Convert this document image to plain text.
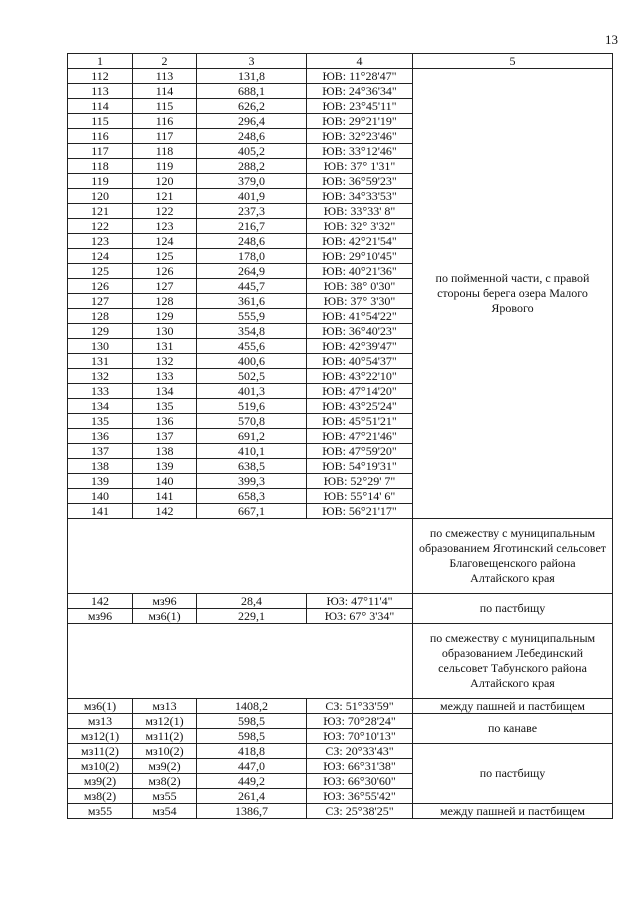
13
1	2	3	4	5
112	113	131,8	ЮВ: 11°28'47"	по пойменной части, с правой стороны берега озера Малого Ярового
113	114	688,1	ЮВ: 24°36'34"	
114	115	626,2	ЮВ: 23°45'11"	
115	116	296,4	ЮВ: 29°21'19"	
116	117	248,6	ЮВ: 32°23'46"	
117	118	405,2	ЮВ: 33°12'46"	
118	119	288,2	ЮВ: 37° 1'31"	
119	120	379,0	ЮВ: 36°59'23"	
120	121	401,9	ЮВ: 34°33'53"	
121	122	237,3	ЮВ: 33°33' 8"	
122	123	216,7	ЮВ: 32° 3'32"	
123	124	248,6	ЮВ: 42°21'54"	
124	125	178,0	ЮВ: 29°10'45"	
125	126	264,9	ЮВ: 40°21'36"	
126	127	445,7	ЮВ: 38° 0'30"	
127	128	361,6	ЮВ: 37° 3'30"	
128	129	555,9	ЮВ: 41°54'22"	
129	130	354,8	ЮВ: 36°40'23"	
130	131	455,6	ЮВ: 42°39'47"	
131	132	400,6	ЮВ: 40°54'37"	
132	133	502,5	ЮВ: 43°22'10"	
133	134	401,3	ЮВ: 47°14'20"	
134	135	519,6	ЮВ: 43°25'24"	
135	136	570,8	ЮВ: 45°51'21"	
136	137	691,2	ЮВ: 47°21'46"	
137	138	410,1	ЮВ: 47°59'20"	
138	139	638,5	ЮВ: 54°19'31"	
139	140	399,3	ЮВ: 52°29' 7"	
140	141	658,3	ЮВ: 55°14' 6"	
141	142	667,1	ЮВ: 56°21'17"	
				по смежеству с муниципальным образованием Яготинский сельсовет Благовещенского района Алтайского края
142	мз96	28,4	ЮЗ: 47°11'4"	по пастбищу
мз96	мз6(1)	229,1	ЮЗ: 67° 3'34"	
				по смежеству с муниципальным образованием Лебединский сельсовет Табунского района Алтайского края
мз6(1)	мз13	1408,2	СЗ: 51°33'59"	между пашней и пастбищем
мз13	мз12(1)	598,5	ЮЗ: 70°28'24"	по канаве
мз12(1)	мз11(2)	598,5	ЮЗ: 70°10'13"	
мз11(2)	мз10(2)	418,8	СЗ: 20°33'43"	по пастбищу
мз10(2)	мз9(2)	447,0	ЮЗ: 66°31'38"	
мз9(2)	мз8(2)	449,2	ЮЗ: 66°30'60"	
мз8(2)	мз55	261,4	ЮЗ: 36°55'42"	
мз55	мз54	1386,7	СЗ: 25°38'25"	между пашней и пастбищем
